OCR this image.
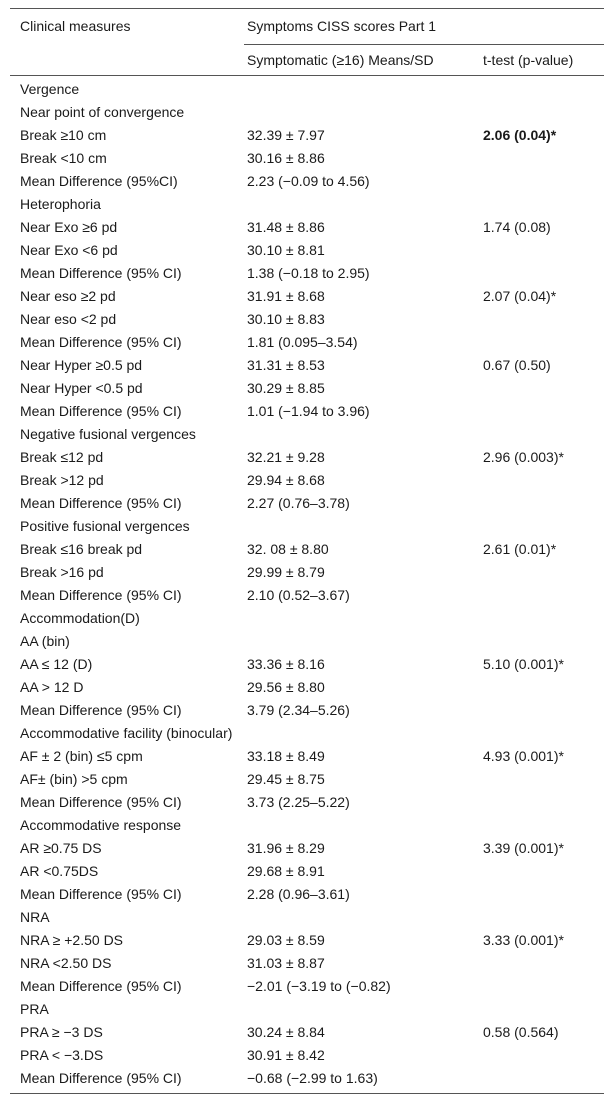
Clinical measures	Symptoms CISS scores Part 1
Symptomatic (≥16) Means/SD	t-test (p-value)
Vergence
Near point of convergence
Break ≥10 cm	32.39 ± 7.97	2.06 (0.04)*
Break <10 cm	30.16 ± 8.86
Mean Difference (95%CI)	2.23 (−0.09 to 4.56)
Heterophoria
Near Exo ≥6 pd	31.48 ± 8.86	1.74 (0.08)
Near Exo <6 pd	30.10 ± 8.81
Mean Difference (95% CI)	1.38 (−0.18 to 2.95)
Near eso ≥2 pd	31.91 ± 8.68	2.07 (0.04)*
Near eso <2 pd	30.10 ± 8.83
Mean Difference (95% CI)	1.81 (0.095–3.54)
Near Hyper ≥0.5 pd	31.31 ± 8.53	0.67 (0.50)
Near Hyper <0.5 pd	30.29 ± 8.85
Mean Difference (95% CI)	1.01 (−1.94 to 3.96)
Negative fusional vergences
Break ≤12 pd	32.21 ± 9.28	2.96 (0.003)*
Break >12 pd	29.94 ± 8.68
Mean Difference (95% CI)	2.27 (0.76–3.78)
Positive fusional vergences
Break ≤16 break pd	32. 08 ± 8.80	2.61 (0.01)*
Break >16 pd	29.99 ± 8.79
Mean Difference (95% CI)	2.10 (0.52–3.67)
Accommodation(D)
AA (bin)
AA ≤ 12 (D)	33.36 ± 8.16	5.10 (0.001)*
AA > 12 D	29.56 ± 8.80
Mean Difference (95% CI)	3.79 (2.34–5.26)
Accommodative facility (binocular)
AF ± 2 (bin) ≤5 cpm	33.18 ± 8.49	4.93 (0.001)*
AF± (bin) >5 cpm	29.45 ± 8.75
Mean Difference (95% CI)	3.73 (2.25–5.22)
Accommodative response
AR ≥0.75 DS	31.96 ± 8.29	3.39 (0.001)*
AR <0.75DS	29.68 ± 8.91
Mean Difference (95% CI)	2.28 (0.96–3.61)
NRA
NRA ≥ +2.50 DS	29.03 ± 8.59	3.33 (0.001)*
NRA <2.50 DS	31.03 ± 8.87
Mean Difference (95% CI)	−2.01 (−3.19 to (−0.82)
PRA
PRA ≥ −3 DS	30.24 ± 8.84	0.58 (0.564)
PRA < −3.DS	30.91 ± 8.42
Mean Difference (95% CI)	−0.68 (−2.99 to 1.63)
